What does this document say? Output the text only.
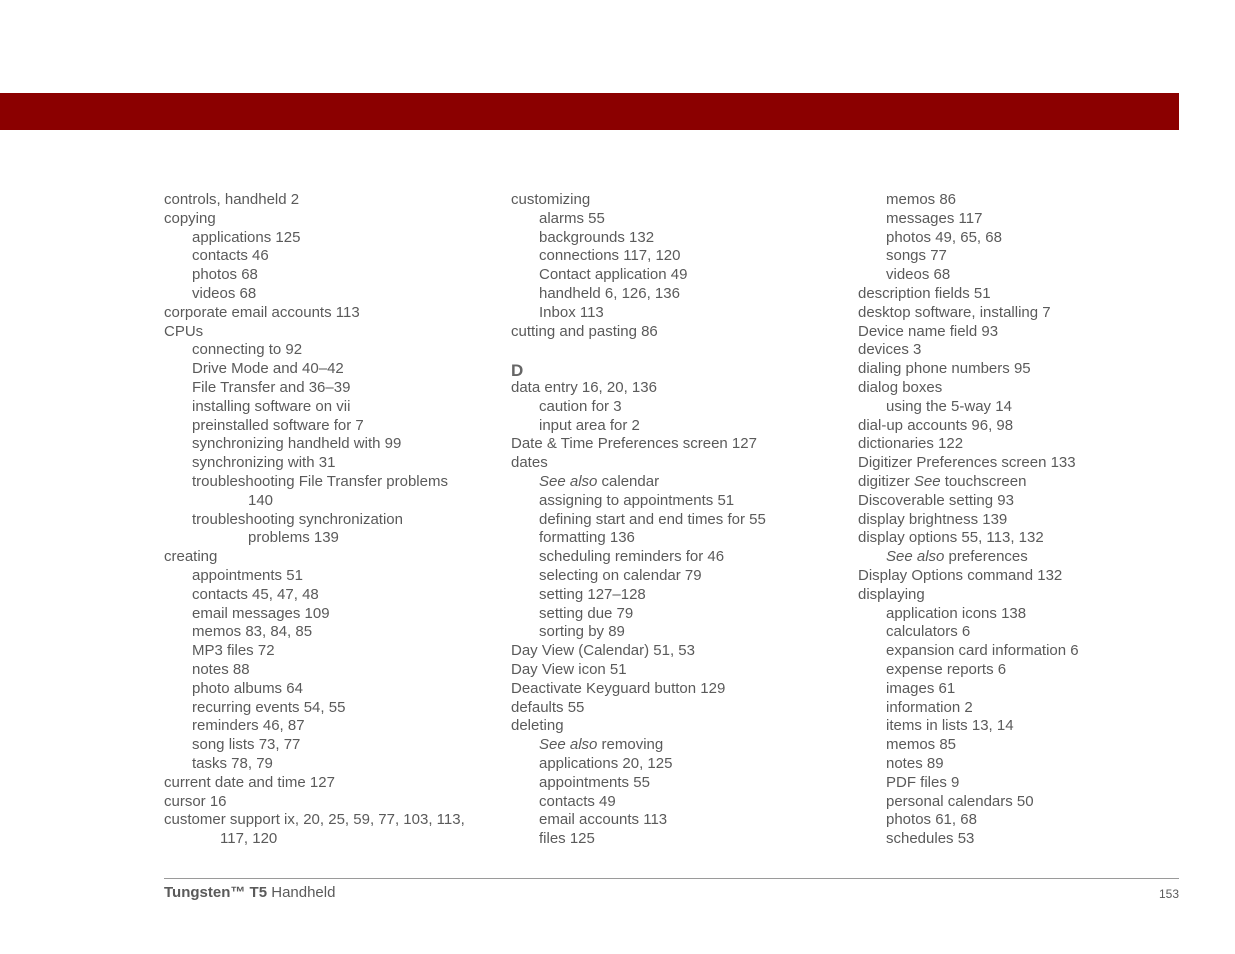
controls, handheld 2
copying
applications 125
contacts 46
photos 68
videos 68
corporate email accounts 113
CPUs
connecting to 92
Drive Mode and 40–42
File Transfer and 36–39
installing software on vii
preinstalled software for 7
synchronizing handheld with 99
synchronizing with 31
troubleshooting File Transfer problems
140
troubleshooting synchronization
problems 139
creating
appointments 51
contacts 45, 47, 48
email messages 109
memos 83, 84, 85
MP3 files 72
notes 88
photo albums 64
recurring events 54, 55
reminders 46, 87
song lists 73, 77
tasks 78, 79
current date and time 127
cursor 16
customer support ix, 20, 25, 59, 77, 103, 113,
117, 120
customizing
alarms 55
backgrounds 132
connections 117, 120
Contact application 49
handheld 6, 126, 136
Inbox 113
cutting and pasting 86
D
data entry 16, 20, 136
caution for 3
input area for 2
Date & Time Preferences screen 127
dates
See also calendar
assigning to appointments 51
defining start and end times for 55
formatting 136
scheduling reminders for 46
selecting on calendar 79
setting 127–128
setting due 79
sorting by 89
Day View (Calendar) 51, 53
Day View icon 51
Deactivate Keyguard button 129
defaults 55
deleting
See also removing
applications 20, 125
appointments 55
contacts 49
email accounts 113
files 125
memos 86
messages 117
photos 49, 65, 68
songs 77
videos 68
description fields 51
desktop software, installing 7
Device name field 93
devices 3
dialing phone numbers 95
dialog boxes
using the 5-way 14
dial-up accounts 96, 98
dictionaries 122
Digitizer Preferences screen 133
digitizer See touchscreen
Discoverable setting 93
display brightness 139
display options 55, 113, 132
See also preferences
Display Options command 132
displaying
application icons 138
calculators 6
expansion card information 6
expense reports 6
images 61
information 2
items in lists 13, 14
memos 85
notes 89
PDF files 9
personal calendars 50
photos 61, 68
schedules 53
Tungsten™ T5 Handheld	153
